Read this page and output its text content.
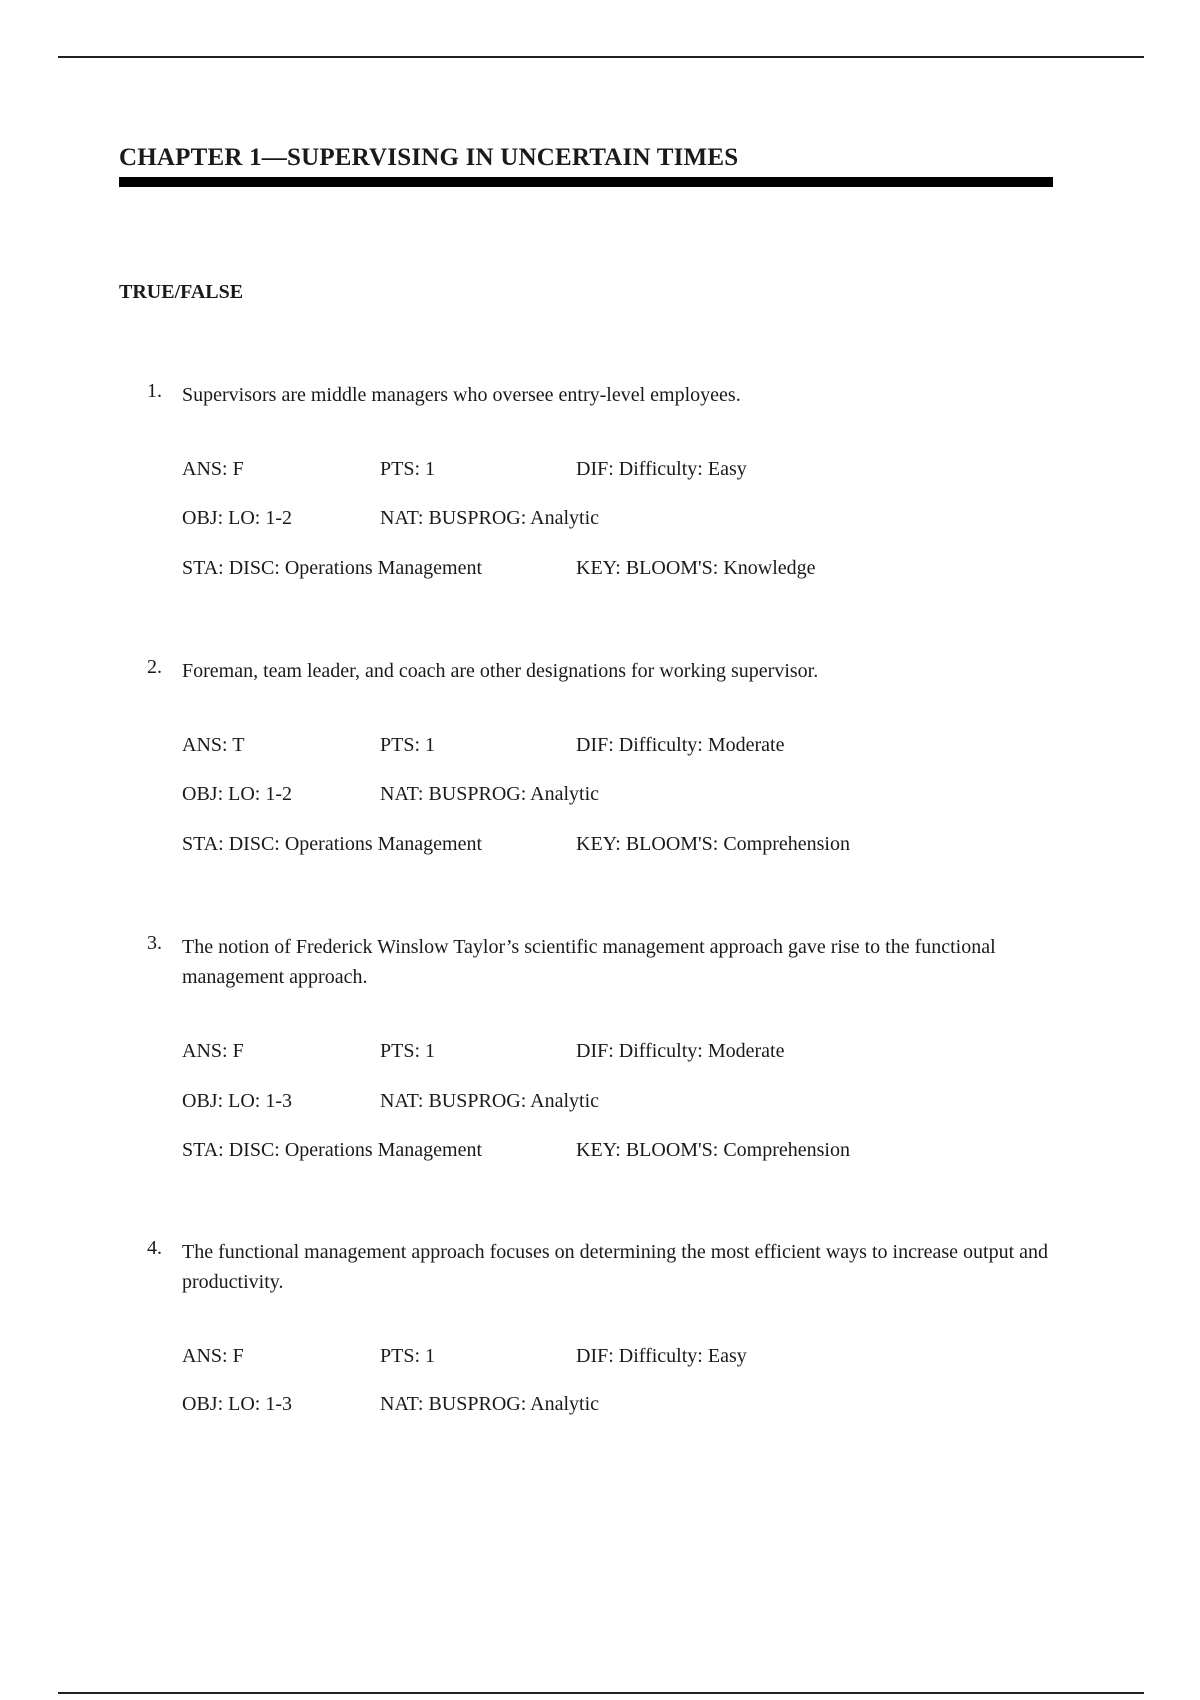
CHAPTER 1—SUPERVISING IN UNCERTAIN TIMES
TRUE/FALSE
1. Supervisors are middle managers who oversee entry-level employees.
ANS: F	PTS: 1	DIF: Difficulty: Easy
OBJ: LO: 1-2	NAT: BUSPROG: Analytic
STA: DISC: Operations Management	KEY: BLOOM'S: Knowledge
2. Foreman, team leader, and coach are other designations for working supervisor.
ANS: T	PTS: 1	DIF: Difficulty: Moderate
OBJ: LO: 1-2	NAT: BUSPROG: Analytic
STA: DISC: Operations Management	KEY: BLOOM'S: Comprehension
3. The notion of Frederick Winslow Taylor’s scientific management approach gave rise to the functional management approach.
ANS: F	PTS: 1	DIF: Difficulty: Moderate
OBJ: LO: 1-3	NAT: BUSPROG: Analytic
STA: DISC: Operations Management	KEY: BLOOM'S: Comprehension
4. The functional management approach focuses on determining the most efficient ways to increase output and productivity.
ANS: F	PTS: 1	DIF: Difficulty: Easy
OBJ: LO: 1-3	NAT: BUSPROG: Analytic
